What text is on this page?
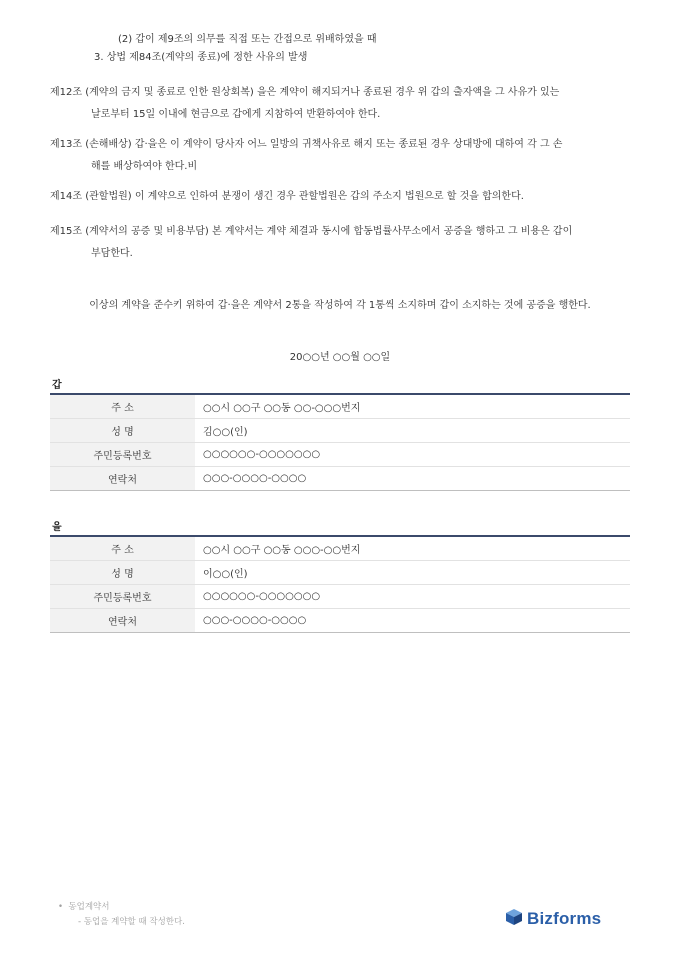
(2) 갑이 제9조의 의무를 직접 또는 간접으로 위배하였을 때
3. 상법 제84조(계약의 종료)에 정한 사유의 발생
제12조 (계약의 금지 및 종료로 인한 원상회복) 을은 계약이 해지되거나 종료된 경우 위 갑의 출자액을 그 사유가 있는
날로부터 15일 이내에 현금으로 갑에게 지참하여 반환하여야 한다.
제13조 (손해배상) 갑·을은 이 계약이 당사자 어느 일방의 귀책사유로 해지 또는 종료된 경우 상대방에 대하여 각 그 손
해를 배상하여야 한다.비
제14조 (관할법원) 이 계약으로 인하여 분쟁이 생긴 경우 관할법원은 갑의 주소지 법원으로 할 것을 합의한다.
제15조 (계약서의 공증 및 비용부담) 본 계약서는 계약 체결과 동시에 합동법률사무소에서 공증을 행하고 그 비용은 갑이
부담한다.
이상의 계약을 준수키 위하여 갑·을은 계약서 2통을 작성하여 각 1통씩 소지하며 갑이 소지하는 것에 공증을 행한다.
20○○년 ○○월 ○○일
갑
주 소	○○시 ○○구 ○○동 ○○-○○○번지
성 명	김○○(인)
주민등록번호	○○○○○○-○○○○○○○
연락처	○○○-○○○○-○○○○
을
주 소	○○시 ○○구 ○○동 ○○○-○○번지
성 명	이○○(인)
주민등록번호	○○○○○○-○○○○○○○
연락처	○○○-○○○○-○○○○
• 동업계약서
- 동업을 계약할 때 작성한다.	Bizforms
